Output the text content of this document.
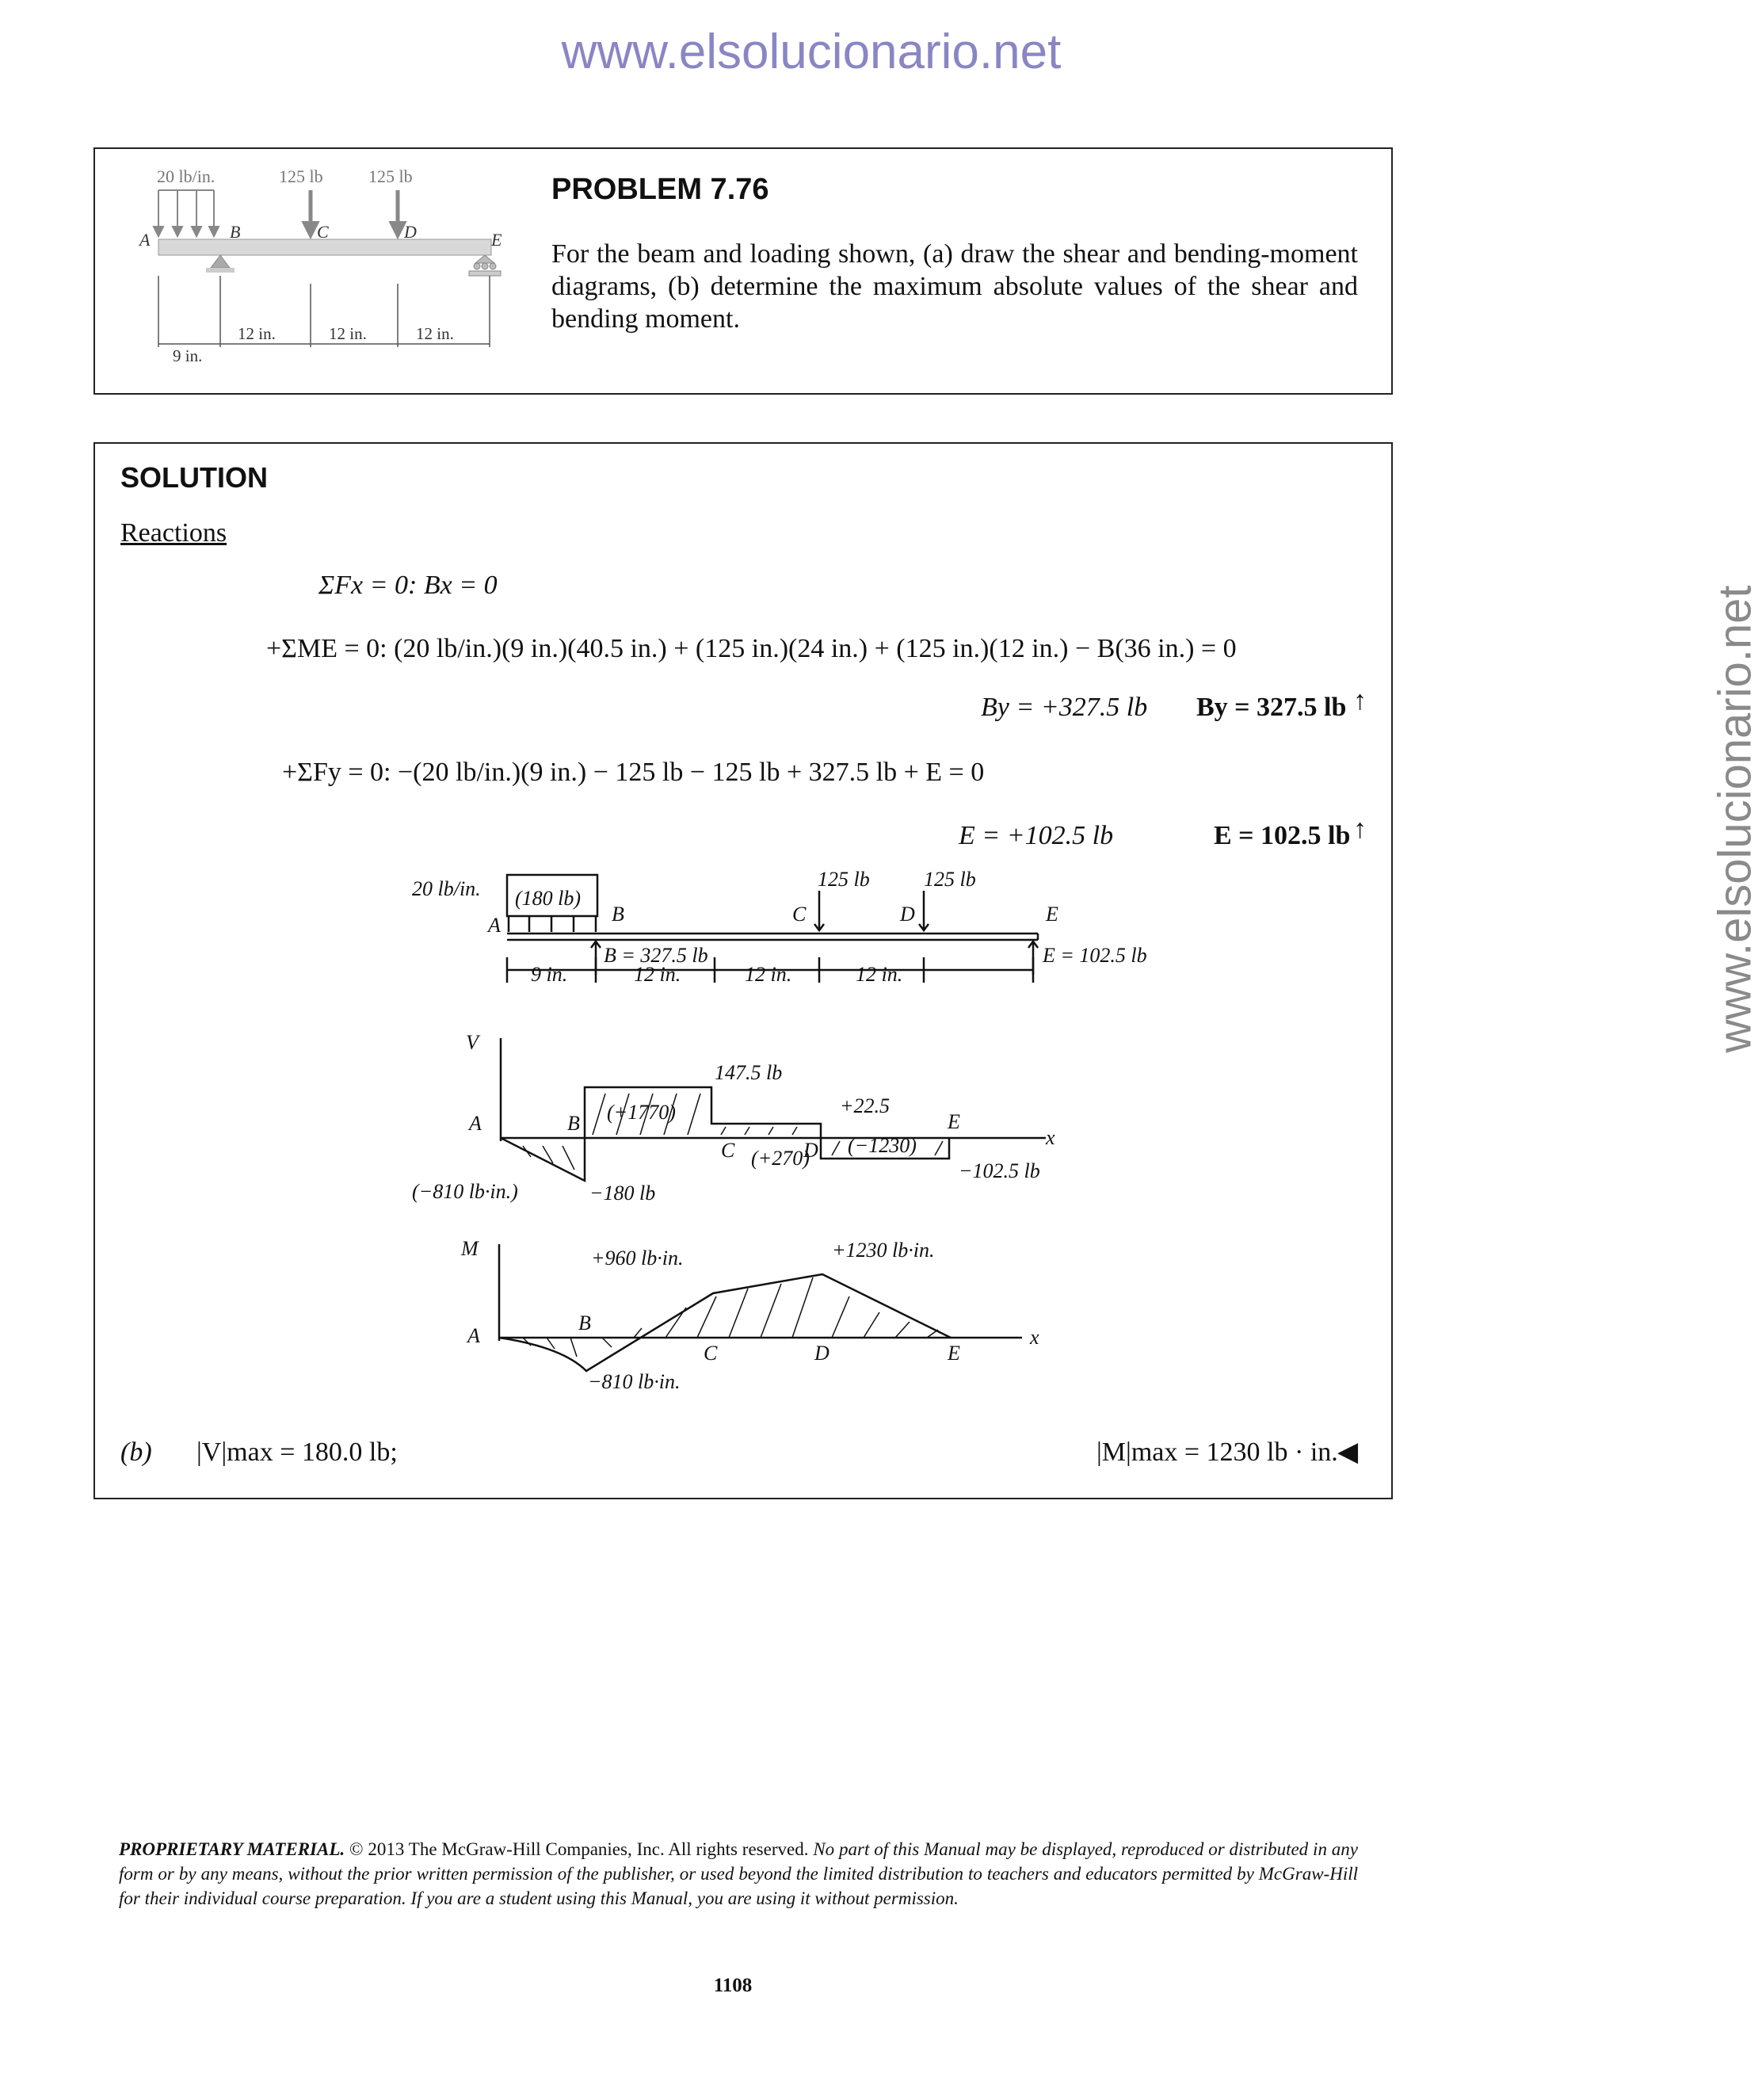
www.elsolucionario.net
www.elsolucionario.net
20 lb/in.	125 lb	125 lb
A	B	C	D	E
9 in.
12 in.	12 in.	12 in.
PROBLEM 7.76
For the beam and loading shown, (a) draw the shear and bending-moment diagrams, (b) determine the maximum absolute values of the shear and bending moment.
SOLUTION
Reactions
ΣFx = 0: Bx = 0
+ΣME = 0: (20 lb/in.)(9 in.)(40.5 in.) + (125 in.)(24 in.) + (125 in.)(12 in.) − B(36 in.) = 0
By = +327.5 lb By = 327.5 lb ↑
+ΣFy = 0: −(20 lb/in.)(9 in.) − 125 lb − 125 lb + 327.5 lb + E = 0
E = +102.5 lb	E = 102.5 lb ↑
20 lb/in. (180 lb)
125 lb	125 lb
A	B	C	D	E
B = 327.5 lb	E = 102.5 lb
9 in.	12 in.	12 in.	12 in.
V
x
A	B
C	D
E
147.5 lb
+22.5
(+1770)
(+270)
(−1230)
(−810 lb·in.)	−180 lb
−102.5 lb
M
x
A
B
C	D	E
+960 lb·in.	+1230 lb·in.
−810 lb·in.
(b) |V|max = 180.0 lb;	|M|max = 1230 lb · in. ◀
PROPRIETARY MATERIAL. © 2013 The McGraw-Hill Companies, Inc. All rights reserved. No part of this Manual may be displayed, reproduced or distributed in any form or by any means, without the prior written permission of the publisher, or used beyond the limited distribution to teachers and educators permitted by McGraw-Hill for their individual course preparation. If you are a student using this Manual, you are using it without permission.
1108
